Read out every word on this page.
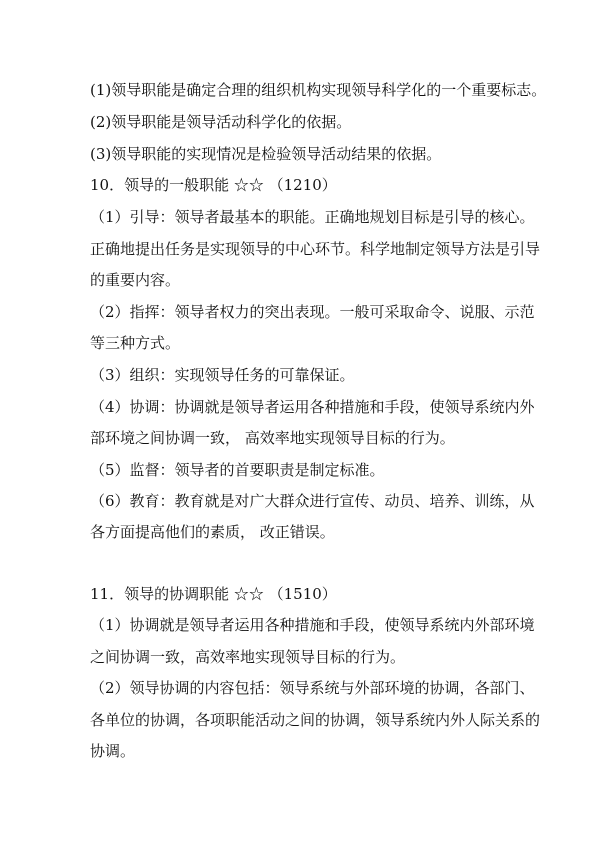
(1)领导职能是确定合理的组织机构实现领导科学化的一个重要标志。
(2)领导职能是领导活动科学化的依据。
(3)领导职能的实现情况是检验领导活动结果的依据。
10．领导的一般职能 ☆☆ （1210）
（1）引导：领导者最基本的职能。正确地规划目标是引导的核心。
正确地提出任务是实现领导的中心环节。科学地制定领导方法是引导
的重要内容。
（2）指挥：领导者权力的突出表现。一般可采取命令、说服、示范
等三种方式。
（3）组织：实现领导任务的可靠保证。
（4）协调：协调就是领导者运用各种措施和手段，使领导系统内外
部环境之间协调一致， 高效率地实现领导目标的行为。
（5）监督：领导者的首要职责是制定标准。
（6）教育：教育就是对广大群众进行宣传、动员、培养、训练，从
各方面提高他们的素质， 改正错误。
11．领导的协调职能 ☆☆ （1510）
（1）协调就是领导者运用各种措施和手段，使领导系统内外部环境
之间协调一致，高效率地实现领导目标的行为。
（2）领导协调的内容包括：领导系统与外部环境的协调，各部门、
各单位的协调，各项职能活动之间的协调，领导系统内外人际关系的
协调。
